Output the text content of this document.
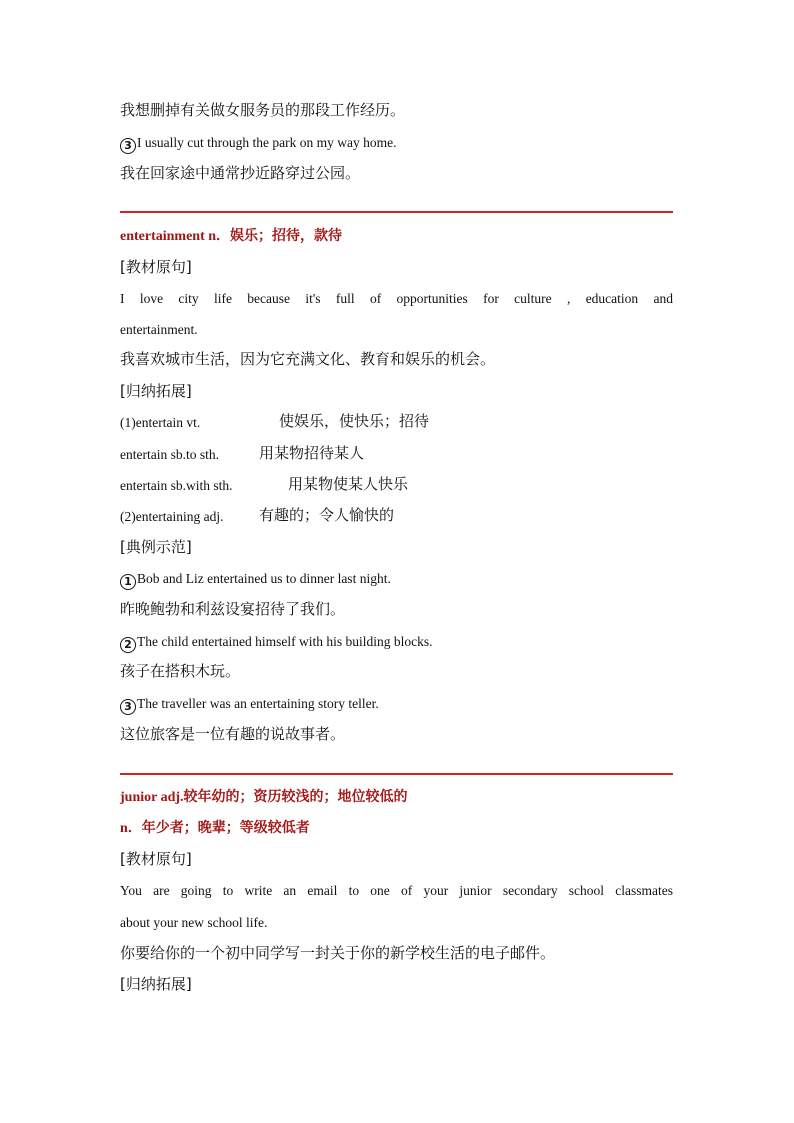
我想删掉有关做女服务员的那段工作经历。
3 I usually cut through the park on my way home.
我在回家途中通常抄近路穿过公园。
entertainment n．娱乐；招待，款待
[教材原句]
I love city life because it's full of opportunities for culture , education and
entertainment.
我喜欢城市生活，因为它充满文化、教育和娱乐的机会。
[归纳拓展]
(1)entertain vt.	使娱乐，使快乐；招待
entertain sb.to sth.	用某物招待某人
entertain sb.with sth.	用某物使某人快乐
(2)entertaining adj. 有趣的；令人愉快的
[典例示范]
1 Bob and Liz entertained us to dinner last night.
昨晚鲍勃和利兹设宴招待了我们。
2 The child entertained himself with his building blocks.
孩子在搭积木玩。
3 The traveller was an entertaining story teller.
这位旅客是一位有趣的说故事者。
junior adj.较年幼的；资历较浅的；地位较低的
n．年少者；晚辈；等级较低者
[教材原句]
You are going to write an email to one of your junior secondary school classmates
about your new school life.
你要给你的一个初中同学写一封关于你的新学校生活的电子邮件。
[归纳拓展]
